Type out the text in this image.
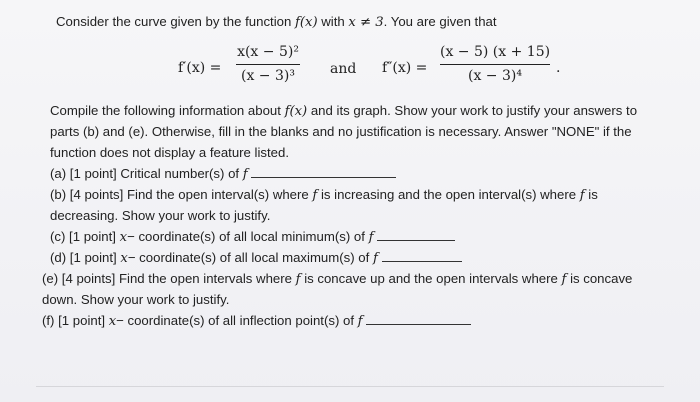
Consider the curve given by the function f(x) with x ≠ 3. You are given that
f′(x) =
x(x − 5)²
(x − 3)³	and f″(x) =
(x − 5) (x + 15)
(x − 3)⁴	.
Compile the following information about f(x) and its graph. Show your work to justify your answers to
parts (b) and (e). Otherwise, fill in the blanks and no justification is necessary. Answer "NONE" if the
function does not display a feature listed.
(a) [1 point] Critical number(s) of f
(b) [4 points] Find the open interval(s) where f is increasing and the open interval(s) where f is
decreasing. Show your work to justify.
(c) [1 point] x− coordinate(s) of all local minimum(s) of f
(d) [1 point] x− coordinate(s) of all local maximum(s) of f
(e) [4 points] Find the open intervals where f is concave up and the open intervals where f is concave
down. Show your work to justify.
(f) [1 point] x− coordinate(s) of all inflection point(s) of f
